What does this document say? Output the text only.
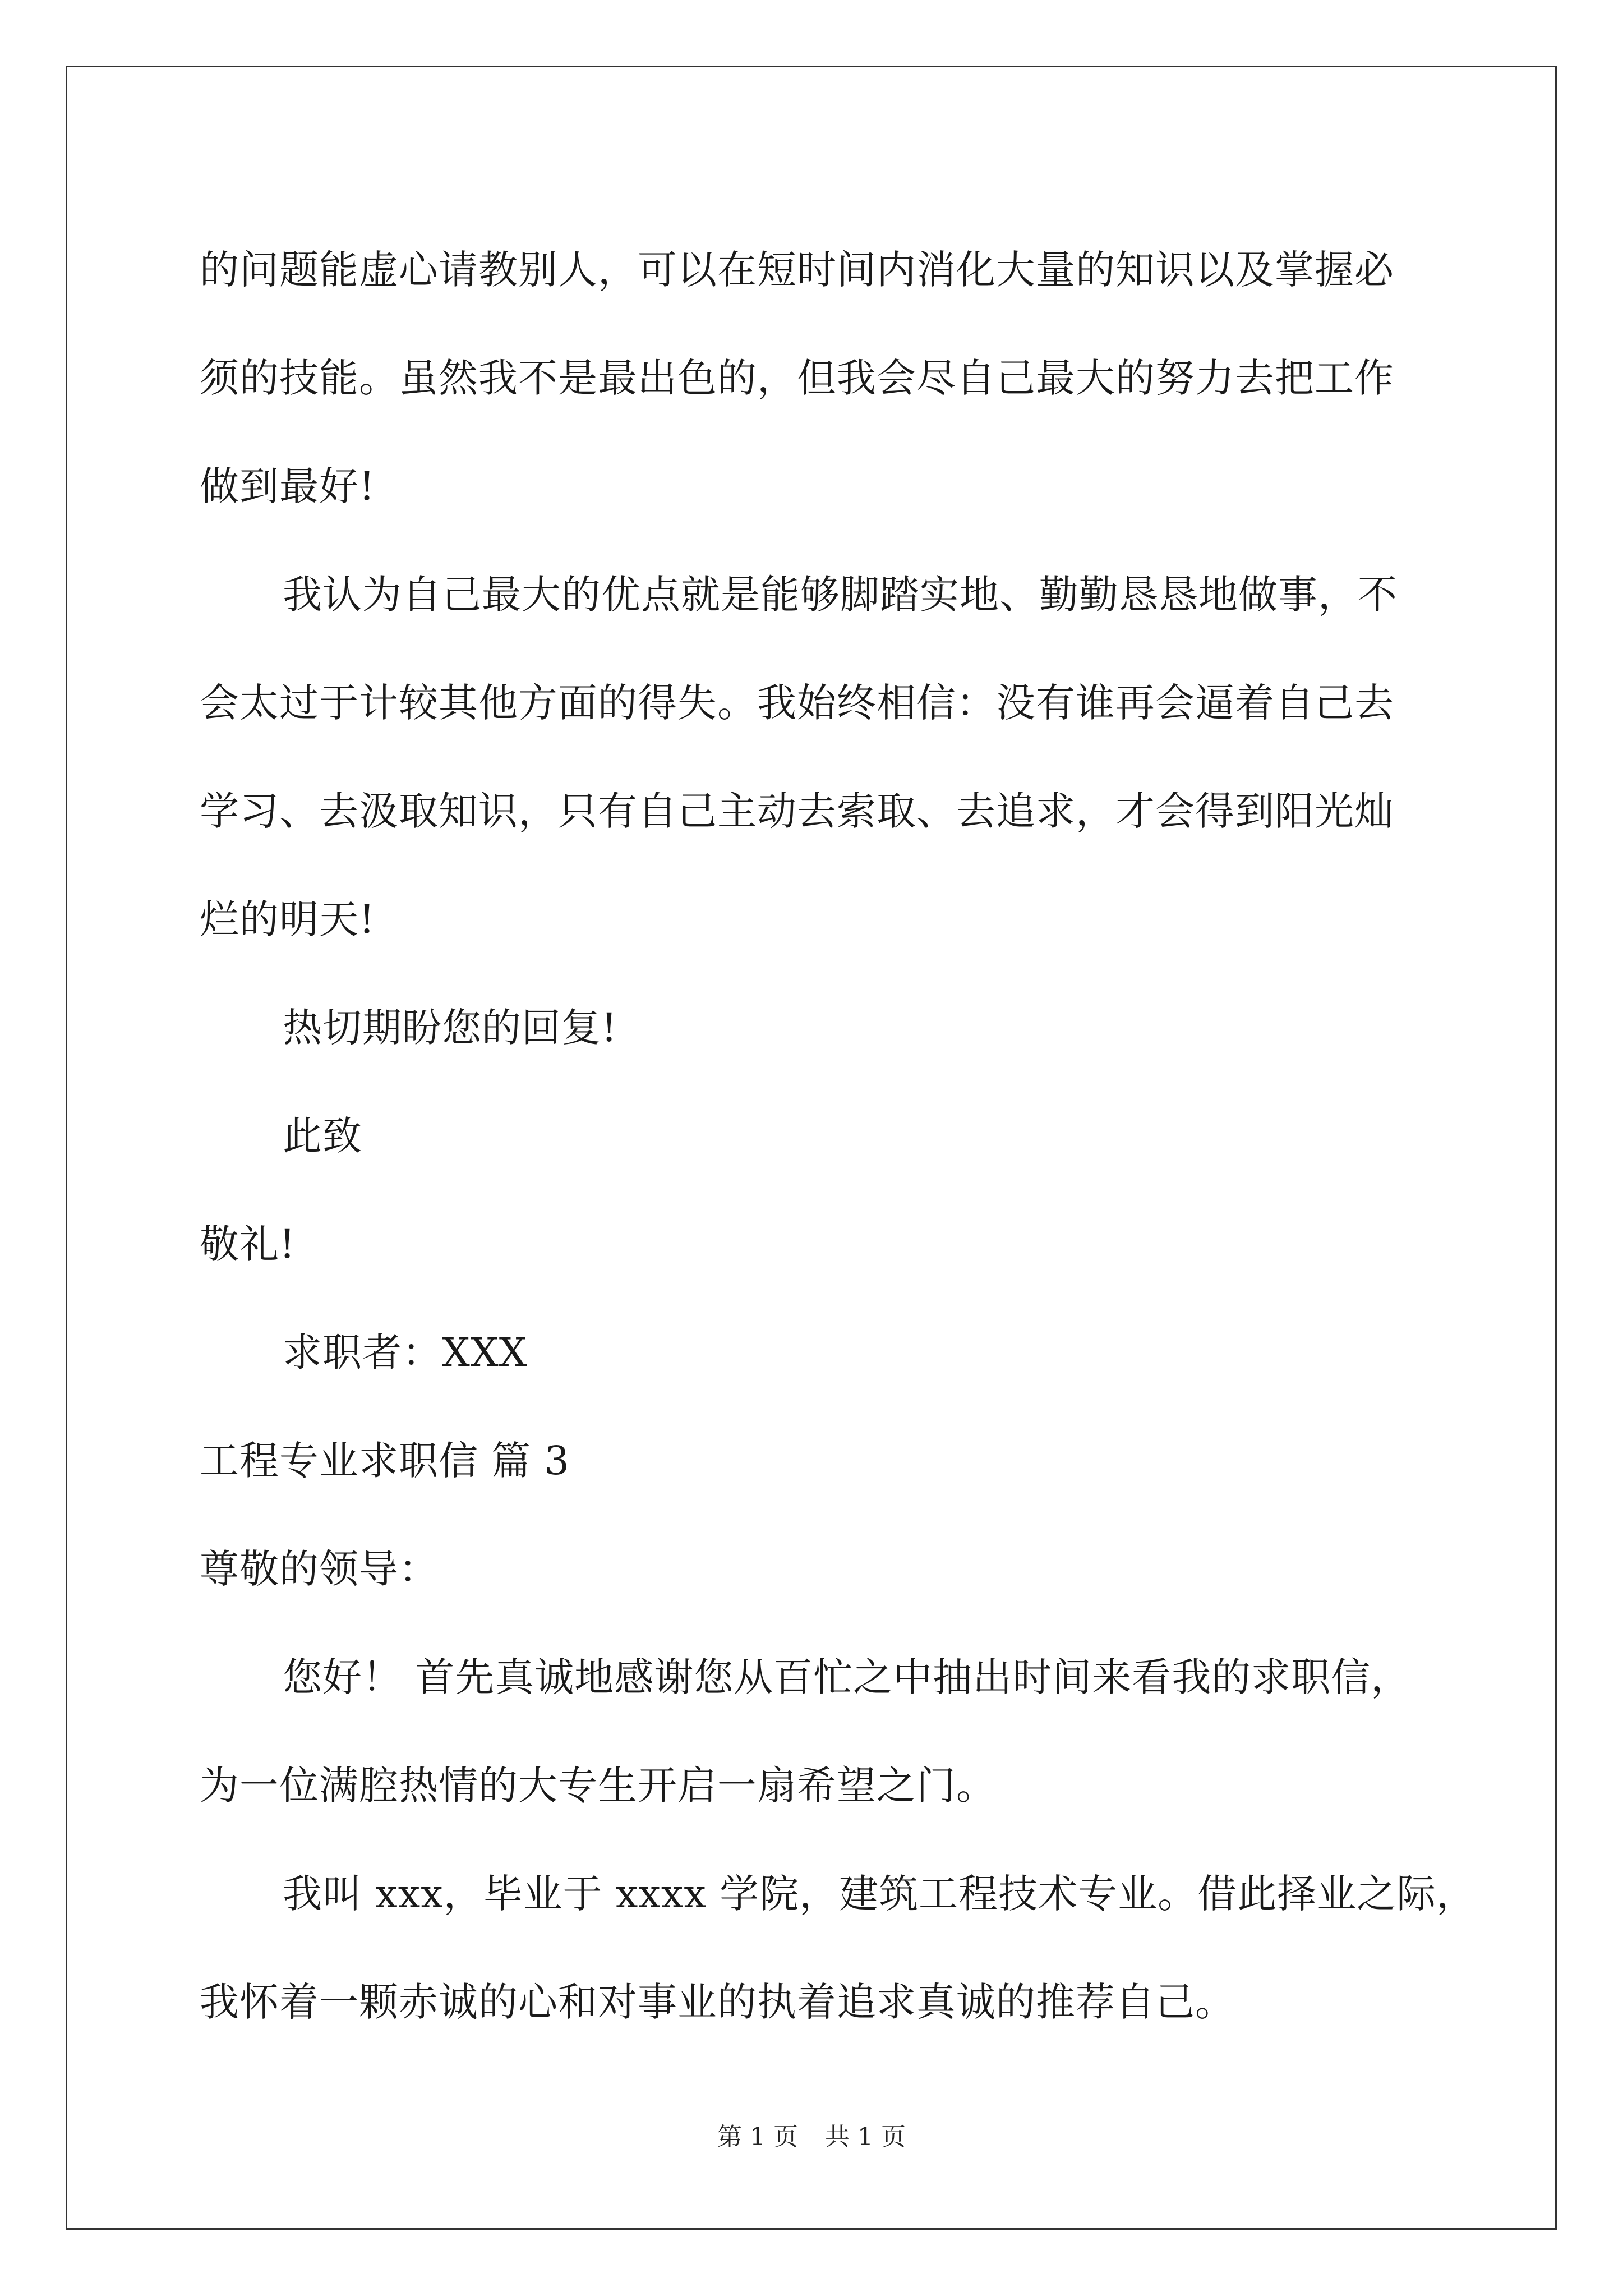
的问题能虚心请教别人，可以在短时间内消化大量的知识以及掌握必
须的技能。虽然我不是最出色的，但我会尽自己最大的努力去把工作
做到最好!
我认为自己最大的优点就是能够脚踏实地、勤勤恳恳地做事，不
会太过于计较其他方面的得失。我始终相信：没有谁再会逼着自己去
学习、去汲取知识，只有自己主动去索取、去追求，才会得到阳光灿
烂的明天!
热切期盼您的回复!
此致
敬礼!
求职者：XXX
工程专业求职信 篇 3
尊敬的领导：
您好！ 首先真诚地感谢您从百忙之中抽出时间来看我的求职信，
为一位满腔热情的大专生开启一扇希望之门。
我叫 xxx，毕业于 xxxx 学院，建筑工程技术专业。借此择业之际，
我怀着一颗赤诚的心和对事业的执着追求真诚的推荐自己。
第 1 页 共 1 页
